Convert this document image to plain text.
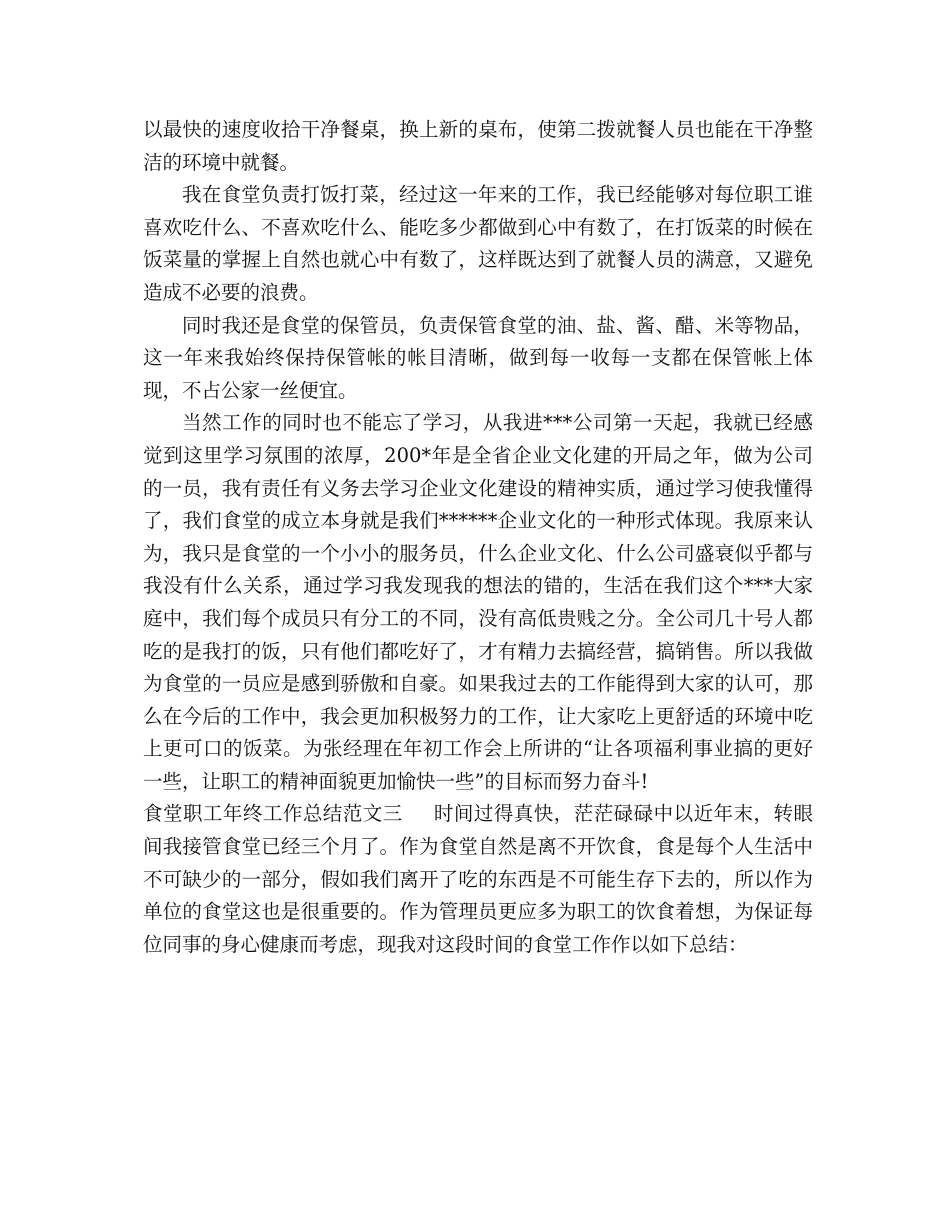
以最快的速度收拾干净餐桌，换上新的桌布，使第二拨就餐人员也能在干净整洁的环境中就餐。

我在食堂负责打饭打菜，经过这一年来的工作，我已经能够对每位职工谁喜欢吃什么、不喜欢吃什么、能吃多少都做到心中有数了，在打饭菜的时候在饭菜量的掌握上自然也就心中有数了，这样既达到了就餐人员的满意，又避免造成不必要的浪费。

同时我还是食堂的保管员，负责保管食堂的油、盐、酱、醋、米等物品，这一年来我始终保持保管帐的帐目清晰，做到每一收每一支都在保管帐上体现，不占公家一丝便宜。

当然工作的同时也不能忘了学习，从我进***公司第一天起，我就已经感觉到这里学习氛围的浓厚，200*年是全省企业文化建的开局之年，做为公司的一员，我有责任有义务去学习企业文化建设的精神实质，通过学习使我懂得了，我们食堂的成立本身就是我们******企业文化的一种形式体现。我原来认为，我只是食堂的一个小小的服务员，什么企业文化、什么公司盛衰似乎都与我没有什么关系，通过学习我发现我的想法的错的，生活在我们这个***大家庭中，我们每个成员只有分工的不同，没有高低贵贱之分。全公司几十号人都吃的是我打的饭，只有他们都吃好了，才有精力去搞经营，搞销售。所以我做为食堂的一员应是感到骄傲和自豪。如果我过去的工作能得到大家的认可，那么在今后的工作中，我会更加积极努力的工作，让大家吃上更舒适的环境中吃上更可口的饭菜。为张经理在年初工作会上所讲的“让各项福利事业搞的更好一些，让职工的精神面貌更加愉快一些”的目标而努力奋斗!

食堂职工年终工作总结范文三 时间过得真快，茫茫碌碌中以近年末，转眼间我接管食堂已经三个月了。作为食堂自然是离不开饮食，食是每个人生活中不可缺少的一部分，假如我们离开了吃的东西是不可能生存下去的，所以作为单位的食堂这也是很重要的。作为管理员更应多为职工的饮食着想，为保证每位同事的身心健康而考虑，现我对这段时间的食堂工作作以如下总结：
